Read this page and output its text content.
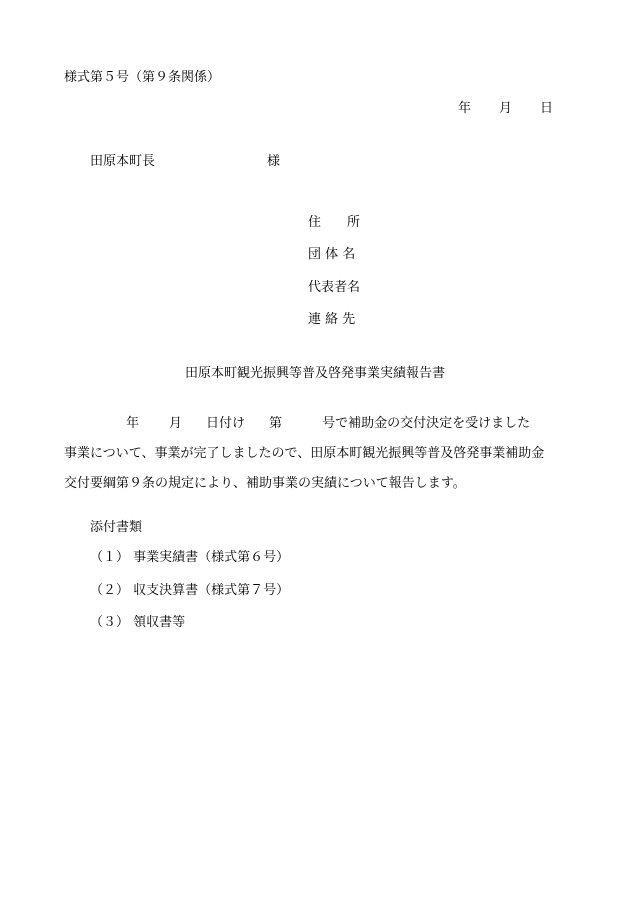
様式第５号（第９条関係）
年 月 日
田原本町長	様
住　　所
団 体 名
代表者名
連 絡 先
田原本町観光振興等普及啓発事業実績報告書
年 月 日付け 第	号で補助金の交付決定を受けました
事業について、事業が完了しましたので、田原本町観光振興等普及啓発事業補助金
交付要綱第９条の規定により、補助事業の実績について報告します。
添付書類
（１） 事業実績書（様式第６号）
（２） 収支決算書（様式第７号）
（３） 領収書等
